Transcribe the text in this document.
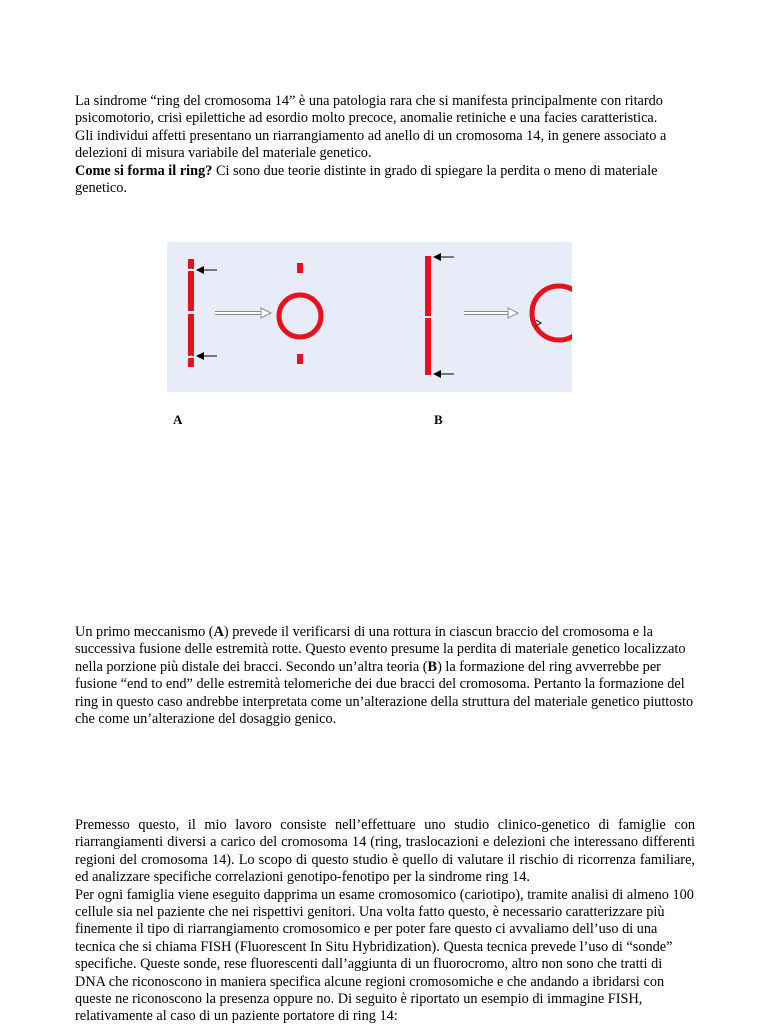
La sindrome “ring del cromosoma 14” è una patologia rara che si manifesta principalmente con ritardo psicomotorio, crisi epilettiche ad esordio molto precoce, anomalie retiniche e una facies caratteristica.
Gli individui affetti presentano un riarrangiamento ad anello di un cromosoma 14, in genere associato a delezioni di misura variabile del materiale genetico.
Come si forma il ring? Ci sono due teorie distinte in grado di spiegare la perdita o meno di materiale genetico.
A	B

Un primo meccanismo (A) prevede il verificarsi di una rottura in ciascun braccio del cromosoma e la successiva fusione delle estremità rotte. Questo evento presume la perdita di materiale genetico localizzato nella porzione più distale dei bracci. Secondo un’altra teoria (B) la formazione del ring avverrebbe per fusione “end to end” delle estremità telomeriche dei due bracci del cromosoma. Pertanto la formazione del ring in questo caso andrebbe interpretata come un’alterazione della struttura del materiale genetico piuttosto che come un’alterazione del dosaggio genico.

Premesso questo, il mio lavoro consiste nell’effettuare uno studio clinico-genetico di famiglie con riarrangiamenti diversi a carico del cromosoma 14 (ring, traslocazioni e delezioni che interessano differenti regioni del cromosoma 14). Lo scopo di questo studio è quello di valutare il rischio di ricorrenza familiare, ed analizzare specifiche correlazioni genotipo-fenotipo per la sindrome ring 14.

Per ogni famiglia viene eseguito dapprima un esame cromosomico (cariotipo), tramite analisi di almeno 100 cellule sia nel paziente che nei rispettivi genitori. Una volta fatto questo, è necessario caratterizzare più finemente il tipo di riarrangiamento cromosomico e per poter fare questo ci avvaliamo dell’uso di una tecnica che si chiama FISH (Fluorescent In Situ Hybridization). Questa tecnica prevede l’uso di “sonde” specifiche. Queste sonde, rese fluorescenti dall’aggiunta di un fluorocromo, altro non sono che tratti di DNA che riconoscono in maniera specifica alcune regioni cromosomiche e che andando a ibridarsi con queste ne riconoscono la presenza oppure no. Di seguito è riportato un esempio di immagine FISH, relativamente al caso di un paziente portatore di ring 14:
